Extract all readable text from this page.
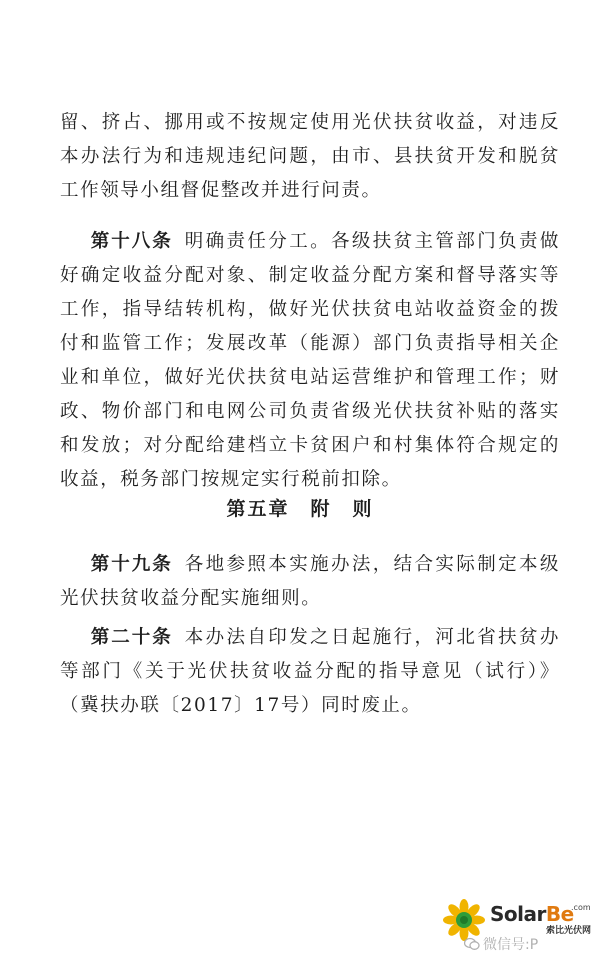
留、挤占、挪用或不按规定使用光伏扶贫收益，对违反本办法行为和违规违纪问题，由市、县扶贫开发和脱贫工作领导小组督促整改并进行问责。

第十八条 明确责任分工。各级扶贫主管部门负责做好确定收益分配对象、制定收益分配方案和督导落实等工作，指导结转机构，做好光伏扶贫电站收益资金的拨付和监管工作；发展改革（能源）部门负责指导相关企业和单位，做好光伏扶贫电站运营维护和管理工作；财政、物价部门和电网公司负责省级光伏扶贫补贴的落实和发放；对分配给建档立卡贫困户和村集体符合规定的收益，税务部门按规定实行税前扣除。

第五章　附　则

第十九条 各地参照本实施办法，结合实际制定本级光伏扶贫收益分配实施细则。

第二十条 本办法自印发之日起施行，河北省扶贫办等部门《关于光伏扶贫收益分配的指导意见（试行）》（冀扶办联〔2017〕17号）同时废止。

SolarBe
.com
索比光伏网
微信号:P
